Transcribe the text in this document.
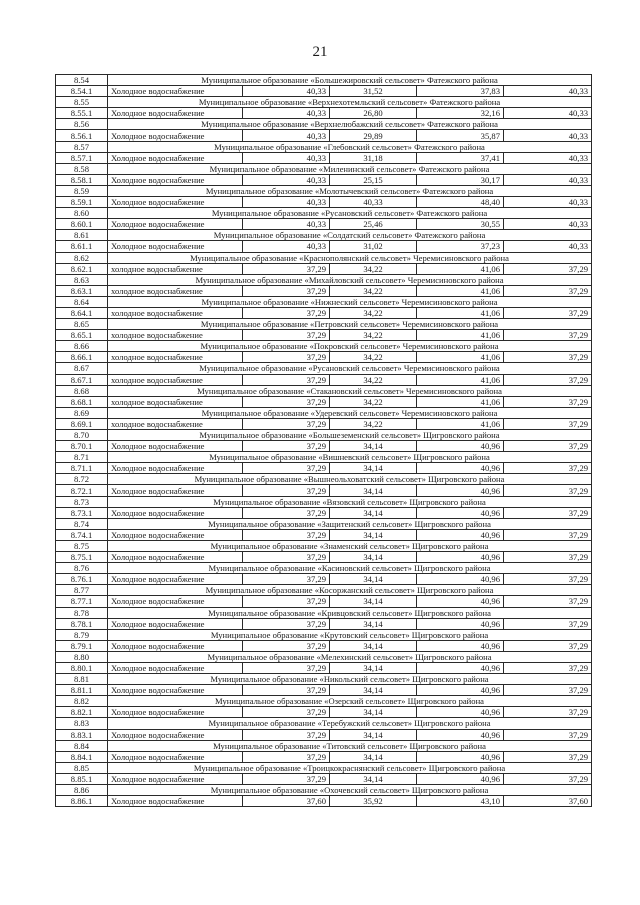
21
8.54	Муниципальное образование «Большежировский сельсовет» Фатежского района				
8.54.1	Холодное водоснабжение	40,33	31,52	37,83	40,33
8.55	Муниципальное образование «Верхнехотемльский сельсовет» Фатежского района				
8.55.1	Холодное водоснабжение	40,33	26,80	32,16	40,33
8.56	Муниципальное образование «Верхнелюбажский сельсовет» Фатежского района				
8.56.1	Холодное водоснабжение	40,33	29,89	35,87	40,33
8.57	Муниципальное образование «Глебовский сельсовет» Фатежского района				
8.57.1	Холодное водоснабжение	40,33	31,18	37,41	40,33
8.58	Муниципальное образование «Миленинский сельсовет» Фатежского района				
8.58.1	Холодное водоснабжение	40,33	25,15	30,17	40,33
8.59	Муниципальное образование «Молотычевский сельсовет» Фатежского района				
8.59.1	Холодное водоснабжение	40,33	40,33	48,40	40,33
8.60	Муниципальное образование «Русановский сельсовет» Фатежского района				
8.60.1	Холодное водоснабжение	40,33	25,46	30,55	40,33
8.61	Муниципальное образование «Солдатский сельсовет» Фатежского района				
8.61.1	Холодное водоснабжение	40,33	31,02	37,23	40,33
8.62	Муниципальное образование «Краснополянский сельсовет» Черемисиновского района				
8.62.1	холодное водоснабжение	37,29	34,22	41,06	37,29
8.63	Муниципальное образование «Михайловский сельсовет» Черемисиновского района				
8.63.1	холодное водоснабжение	37,29	34,22	41,06	37,29
8.64	Муниципальное образование «Нижнеский сельсовет» Черемисиновского района				
8.64.1	холодное водоснабжение	37,29	34,22	41,06	37,29
8.65	Муниципальное образование «Петровский сельсовет» Черемисиновского района				
8.65.1	холодное водоснабжение	37,29	34,22	41,06	37,29
8.66	Муниципальное образование «Покровский сельсовет» Черемисиновского района				
8.66.1	холодное водоснабжение	37,29	34,22	41,06	37,29
8.67	Муниципальное образование «Русановский сельсовет» Черемисиновского района				
8.67.1	холодное водоснабжение	37,29	34,22	41,06	37,29
8.68	Муниципальное образование «Стакановский сельсовет» Черемисиновского района				
8.68.1	холодное водоснабжение	37,29	34,22	41,06	37,29
8.69	Муниципальное образование «Удеревский сельсовет» Черемисиновского района				
8.69.1	холодное водоснабжение	37,29	34,22	41,06	37,29
8.70	Муниципальное образование «Большеземенский сельсовет» Щигровского района				
8.70.1	Холодное водоснабжение	37,29	34,14	40,96	37,29
8.71	Муниципальное образование «Вишневский сельсовет» Щигровского района				
8.71.1	Холодное водоснабжение	37,29	34,14	40,96	37,29
8.72	Муниципальное образование «Вышнеольховатский сельсовет» Щигровского района				
8.72.1	Холодное водоснабжение	37,29	34,14	40,96	37,29
8.73	Муниципальное образование «Вязовский сельсовет» Щигровского района				
8.73.1	Холодное водоснабжение	37,29	34,14	40,96	37,29
8.74	Муниципальное образование «Защитенский сельсовет» Щигровского района				
8.74.1	Холодное водоснабжение	37,29	34,14	40,96	37,29
8.75	Муниципальное образование «Знаменский сельсовет» Щигровского района				
8.75.1	Холодное водоснабжение	37,29	34,14	40,96	37,29
8.76	Муниципальное образование «Касиновский сельсовет» Щигровского района				
8.76.1	Холодное водоснабжение	37,29	34,14	40,96	37,29
8.77	Муниципальное образование «Косоржанский сельсовет» Щигровского района				
8.77.1	Холодное водоснабжение	37,29	34,14	40,96	37,29
8.78	Муниципальное образование «Кривцовский сельсовет» Щигровского района				
8.78.1	Холодное водоснабжение	37,29	34,14	40,96	37,29
8.79	Муниципальное образование «Крутовский сельсовет» Щигровского района				
8.79.1	Холодное водоснабжение	37,29	34,14	40,96	37,29
8.80	Муниципальное образование «Мелехинский сельсовет» Щигровского района				
8.80.1	Холодное водоснабжение	37,29	34,14	40,96	37,29
8.81	Муниципальное образование «Никольский сельсовет» Щигровского района				
8.81.1	Холодное водоснабжение	37,29	34,14	40,96	37,29
8.82	Муниципальное образование «Озерский сельсовет» Щигровского района				
8.82.1	Холодное водоснабжение	37,29	34,14	40,96	37,29
8.83	Муниципальное образование «Теребужский сельсовет» Щигровского района				
8.83.1	Холодное водоснабжение	37,29	34,14	40,96	37,29
8.84	Муниципальное образование «Титовский сельсовет» Щигровского района				
8.84.1	Холодное водоснабжение	37,29	34,14	40,96	37,29
8.85	Муниципальное образование «Троицкокраснянский сельсовет» Щигровского района				
8.85.1	Холодное водоснабжение	37,29	34,14	40,96	37,29
8.86	Муниципальное образование «Охочевский сельсовет» Щигровского района				
8.86.1	Холодное водоснабжение	37,60	35,92	43,10	37,60
